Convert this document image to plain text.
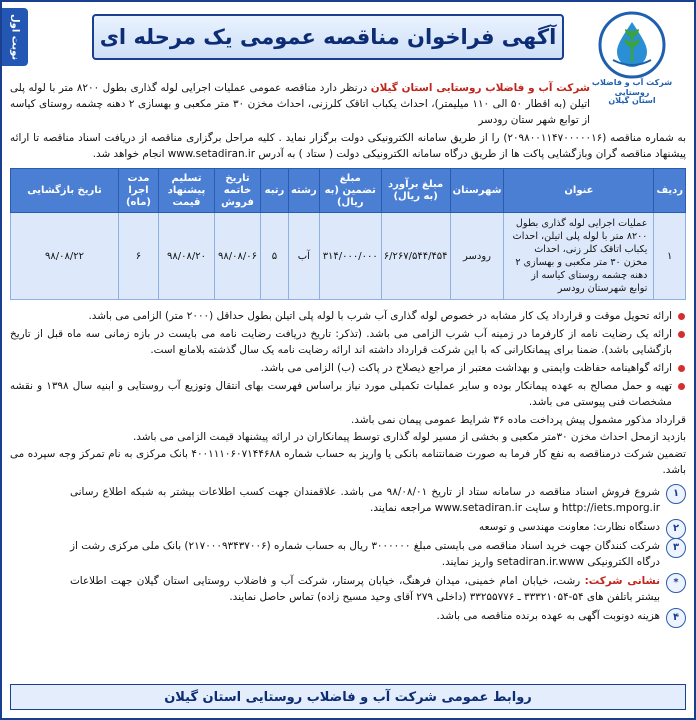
نوبت اول	آگهی فراخوان مناقصه عمومی یک مرحله ای
شرکت آب و فاضلاب روستایی
استان گیلان
شرکت آب و فاضلاب روستایی استان گیلان درنظر دارد مناقصه عمومی عملیات اجرایی لوله گذاری بطول ۸۲۰۰ متر با لوله پلی اتیلن (به اقطار ۵۰ الی ۱۱۰ میلیمتر)، احداث یکباب اتاقک کلرزنی، احداث مخزن ۳۰ متر مکعبی و بهسازی ۲ دهنه چشمه روستای کیاسه از توابع شهر ستان رودسر
به شماره مناقصه (۲۰۹۸۰۰۱۱۴۷۰۰۰۰۰۱۶) را از طریق سامانه الکترونیکی دولت برگزار نماید . کلیه مراحل برگزاری مناقصه از دریافت اسناد مناقصه تا ارائه پیشنهاد مناقصه گران وبازگشایی پاکت ها از طریق درگاه سامانه الکترونیکی دولت ( ستاد ) به آدرس www.setadiran.ir انجام خواهد شد.
ردیف	عنوان	شهرستان	مبلغ برآورد (به ریال)	مبلغ تضمین (به ریال)	رشته	رتبه	تاریخ خاتمه فروش	تسلیم پیشنهاد قیمت	مدت اجرا (ماه)	تاریخ بازگشایی
۱	عملیات اجرایی لوله گذاری بطول ۸۲۰۰ متر با لوله پلی اتیلن، احداث یکباب اتاقک کلر زنی، احداث مخزن ۳۰ متر مکعبی و بهسازی ۲ دهنه چشمه روستای کیاسه از توابع شهرستان رودسر	رودسر	۶/۲۶۷/۵۴۴/۴۵۴	۳۱۴/۰۰۰/۰۰۰	آب	۵	۹۸/۰۸/۰۶	۹۸/۰۸/۲۰	۶	۹۸/۰۸/۲۲
ارائه تحویل موقت و قرارداد یک کار مشابه در خصوص لوله گذاری آب شرب با لوله پلی اتیلن بطول حداقل (۲۰۰۰ متر) الزامی می باشد.
ارائه یک رضایت نامه از کارفرما در زمینه آب شرب الزامی می باشد. (تذکر: تاریخ دریافت رضایت نامه می بایست در بازه زمانی سه ماه قبل از تاریخ بازگشایی باشد). ضمنا برای پیمانکارانی که با این شرکت قرارداد داشته اند ارائه رضایت نامه یک سال گذشته بلامانع است.
ارائه گواهینامه حفاظت وایمنی و بهداشت معتبر از مراجع ذیصلاح در پاکت (ب) الزامی می باشد.
تهیه و حمل مصالح به عهده پیمانکار بوده و سایر عملیات تکمیلی مورد نیاز براساس فهرست بهای انتقال وتوزیع آب روستایی و ابنیه سال ۱۳۹۸ و نقشه مشخصات فنی پیوستی می باشد.
قرارداد مذکور مشمول پیش پرداخت ماده ۳۶ شرایط عمومی پیمان نمی باشد.
بازدید ازمحل احداث مخزن ۳۰متر مکعبی و بخشی از مسیر لوله گذاری توسط پیمانکاران در ارائه پیشنهاد قیمت الزامی می باشد.
تضمین شرکت درمناقصه به نفع کار فرما به صورت ضمانتنامه بانکی یا واریز به حساب شماره ۴۰۰۱۱۱۰۶۰۷۱۴۴۶۸۸ بانک مرکزی به نام تمرکز وجه سپرده می باشد.
۱
شروع فروش اسناد مناقصه در سامانه ستاد از تاریخ ۹۸/۰۸/۰۱ می باشد. علاقمندان جهت کسب اطلاعات بیشتر به شبکه اطلاع رسانی http://iets.mporg.ir و سایت www.setadiran.ir مراجعه نمایند.
۲
دستگاه نظارت: معاونت مهندسی و توسعه
۳
شرکت کنندگان جهت خرید اسناد مناقصه می بایستی مبلغ ۳۰۰۰۰۰۰ ریال به حساب شماره (۲۱۷۰۰۰۹۳۴۳۷۰۰۶) بانک ملی مرکزی رشت از درگاه الکترونیکی setadiran.ir.www واریز نمایند.
*
نشانی شرکت: رشت، خیابان امام خمینی، میدان فرهنگ، خیابان پرستار، شرکت آب و فاضلاب روستایی استان گیلان جهت اطلاعات بیشتر باتلفن های ۵۴-۳۳۳۲۱۰۵۴ ـ ۳۳۲۵۵۷۷۶ (داخلی ۲۷۹ آقای وحید مسیح زاده) تماس حاصل نمایند.
۴
هزینه دونوبت آگهی به عهده برنده مناقصه می باشد.
روابط عمومی شرکت آب و فاضلاب روستایی استان گیلان
